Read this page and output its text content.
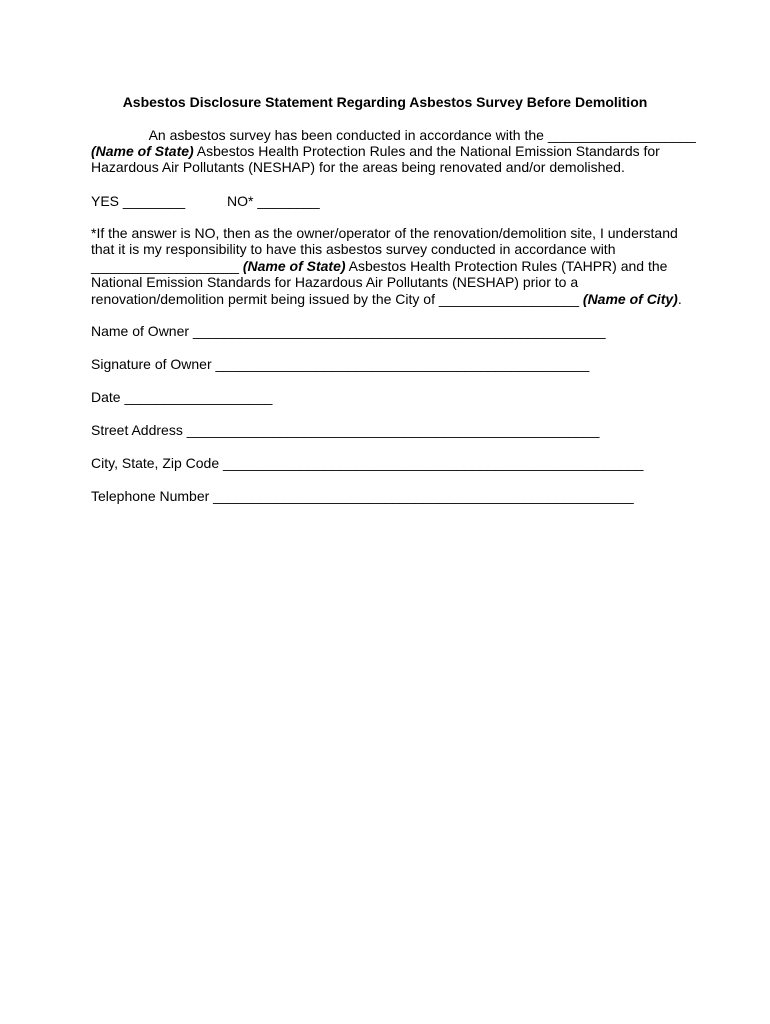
Asbestos Disclosure Statement Regarding Asbestos Survey Before Demolition
An asbestos survey has been conducted in accordance with the ___________________
(Name of State) Asbestos Health Protection Rules and the National Emission Standards for
Hazardous Air Pollutants (NESHAP) for the areas being renovated and/or demolished.
YES ________	NO* ________
*If the answer is NO, then as the owner/operator of the renovation/demolition site, I understand
that it is my responsibility to have this asbestos survey conducted in accordance with
___________________ (Name of State) Asbestos Health Protection Rules (TAHPR) and the
National Emission Standards for Hazardous Air Pollutants (NESHAP) prior to a
renovation/demolition permit being issued by the City of __________________ (Name of City).
Name of Owner _____________________________________________________
Signature of Owner ________________________________________________
Date ___________________
Street Address _____________________________________________________
City, State, Zip Code ______________________________________________________
Telephone Number ______________________________________________________
